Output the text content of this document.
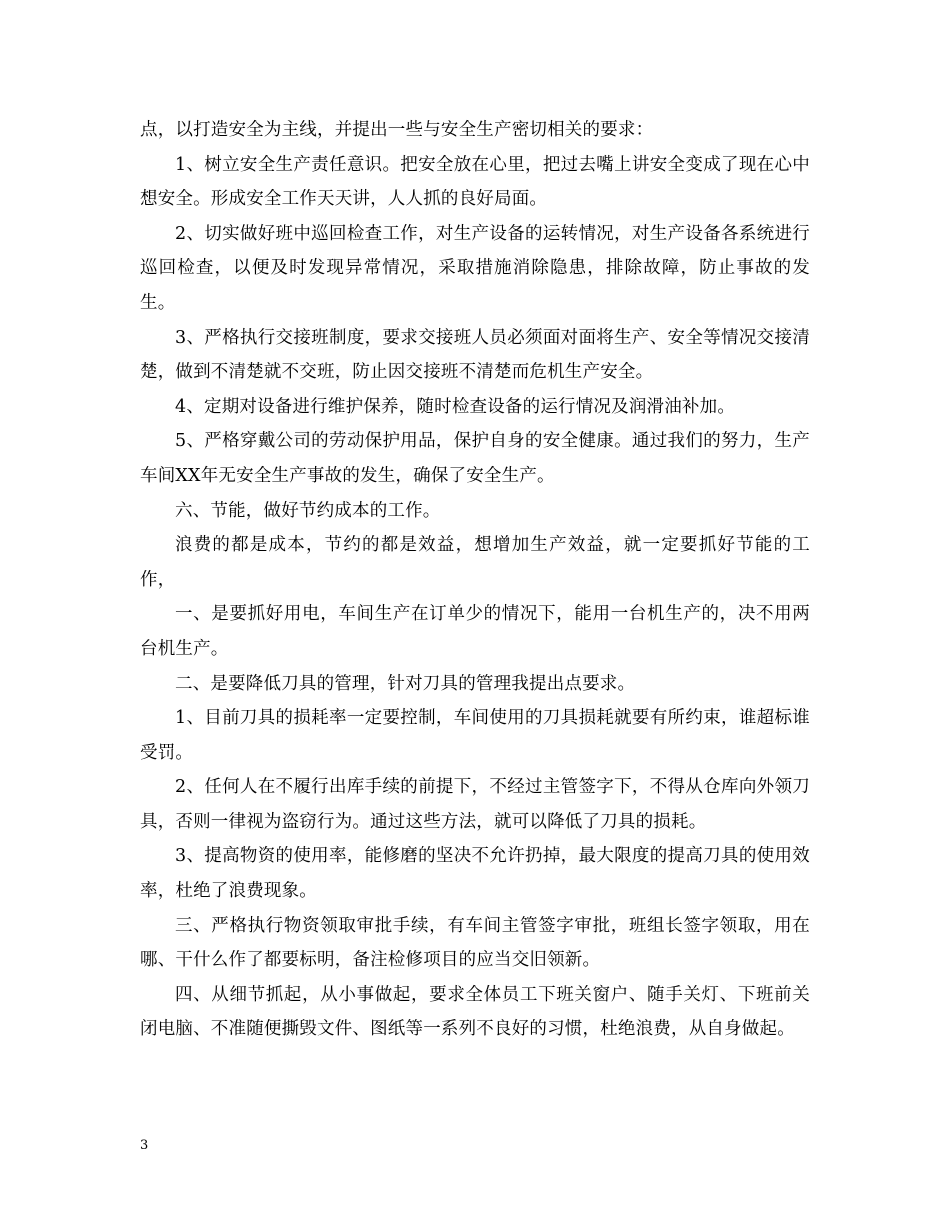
点，以打造安全为主线，并提出一些与安全生产密切相关的要求：

1、树立安全生产责任意识。把安全放在心里，把过去嘴上讲安全变成了现在心中想安全。形成安全工作天天讲，人人抓的良好局面。

2、切实做好班中巡回检查工作，对生产设备的运转情况，对生产设备各系统进行巡回检查，以便及时发现异常情况，采取措施消除隐患，排除故障，防止事故的发生。

3、严格执行交接班制度，要求交接班人员必须面对面将生产、安全等情况交接清楚，做到不清楚就不交班，防止因交接班不清楚而危机生产安全。

4、定期对设备进行维护保养，随时检查设备的运行情况及润滑油补加。

5、严格穿戴公司的劳动保护用品，保护自身的安全健康。通过我们的努力，生产车间XX年无安全生产事故的发生，确保了安全生产。

六、节能，做好节约成本的工作。

浪费的都是成本，节约的都是效益，想增加生产效益，就一定要抓好节能的工作，

一、是要抓好用电，车间生产在订单少的情况下，能用一台机生产的，决不用两台机生产。

二、是要降低刀具的管理，针对刀具的管理我提出点要求。

1、目前刀具的损耗率一定要控制，车间使用的刀具损耗就要有所约束，谁超标谁受罚。

2、任何人在不履行出库手续的前提下，不经过主管签字下，不得从仓库向外领刀具，否则一律视为盗窃行为。通过这些方法，就可以降低了刀具的损耗。

3、提高物资的使用率，能修磨的坚决不允许扔掉，最大限度的提高刀具的使用效率，杜绝了浪费现象。

三、严格执行物资领取审批手续，有车间主管签字审批，班组长签字领取，用在哪、干什么作了都要标明，备注检修项目的应当交旧领新。

四、从细节抓起，从小事做起，要求全体员工下班关窗户、随手关灯、下班前关闭电脑、不准随便撕毁文件、图纸等一系列不良好的习惯，杜绝浪费，从自身做起。

3
